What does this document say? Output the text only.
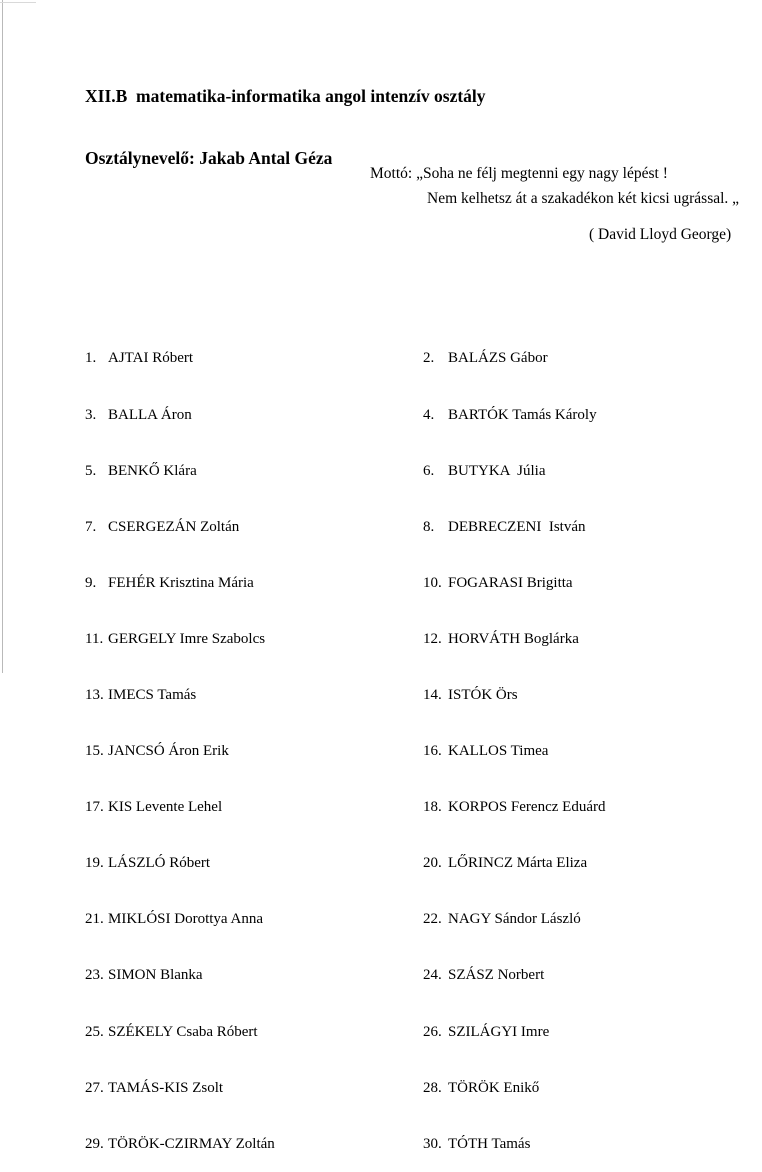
XII.B  matematika-informatika angol intenzív osztály

Osztálynevelő: Jakab Antal Géza

Mottó: „Soha ne félj megtenni egy nagy lépést !
Nem kelhetsz át a szakadékon két kicsi ugrással. „
( David Lloyd George)

1. AJTAI Róbert

3. BALLA Áron

5. BENKŐ Klára

7. CSERGEZÁN Zoltán

9. FEHÉR Krisztina Mária

11. GERGELY Imre Szabolcs

13. IMECS Tamás

15. JANCSÓ Áron Erik

17. KIS Levente Lehel

19. LÁSZLÓ Róbert

21. MIKLÓSI Dorottya Anna

23. SIMON Blanka

25. SZÉKELY Csaba Róbert

27. TAMÁS-KIS Zsolt

29. TÖRÖK-CZIRMAY Zoltán

2. BALÁZS Gábor

4. BARTÓK Tamás Károly

6. BUTYKA  Júlia

8. DEBRECZENI  István

10. FOGARASI Brigitta

12. HORVÁTH Boglárka

14. ISTÓK Örs

16. KALLOS Timea

18. KORPOS Ferencz Eduárd

20. LŐRINCZ Márta Eliza

22. NAGY Sándor László

24. SZÁSZ Norbert

26. SZILÁGYI Imre

28. TÖRÖK Enikő

30. TÓTH Tamás
